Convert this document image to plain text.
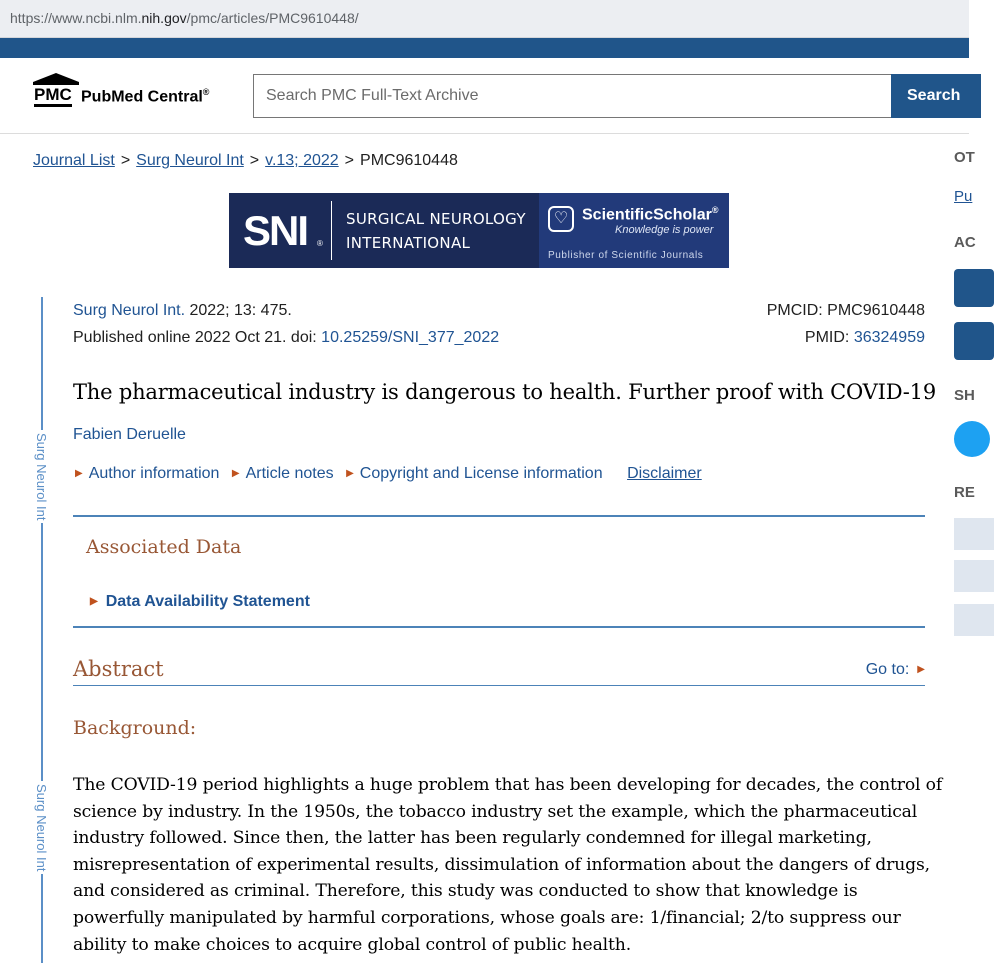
https://www.ncbi.nlm.nih.gov/pmc/articles/PMC9610448/
PMC PubMed Central®
Search PMC Full-Text Archive	Search
Journal List > Surg Neurol Int > v.13; 2022 > PMC9610448
SNI ®
SURGICAL NEUROLOGY
INTERNATIONAL
♡ ScientificScholar®
Knowledge is power
Publisher of Scientific Journals
Surg Neurol Int
Surg Neurol Int
Surg Neurol Int. 2022; 13: 475.
Published online 2022 Oct 21. doi: 10.25259/SNI_377_2022
PMCID: PMC9610448
PMID: 36324959
The pharmaceutical industry is dangerous to health. Further proof with COVID-19
Fabien Deruelle
▶ Author information ▶ Article notes ▶ Copyright and License information Disclaimer
Associated Data
▶ Data Availability Statement
Abstract	Go to: ▶
Background:

The COVID-19 period highlights a huge problem that has been developing for decades, the control of science by industry. In the 1950s, the tobacco industry set the example, which the pharmaceutical industry followed. Since then, the latter has been regularly condemned for illegal marketing, misrepresentation of experimental results, dissimulation of information about the dangers of drugs, and considered as criminal. Therefore, this study was conducted to show that knowledge is powerfully manipulated by harmful corporations, whose goals are: 1/financial; 2/to suppress our ability to make choices to acquire global control of public health.

OT
Pu
AC
SH
RE
